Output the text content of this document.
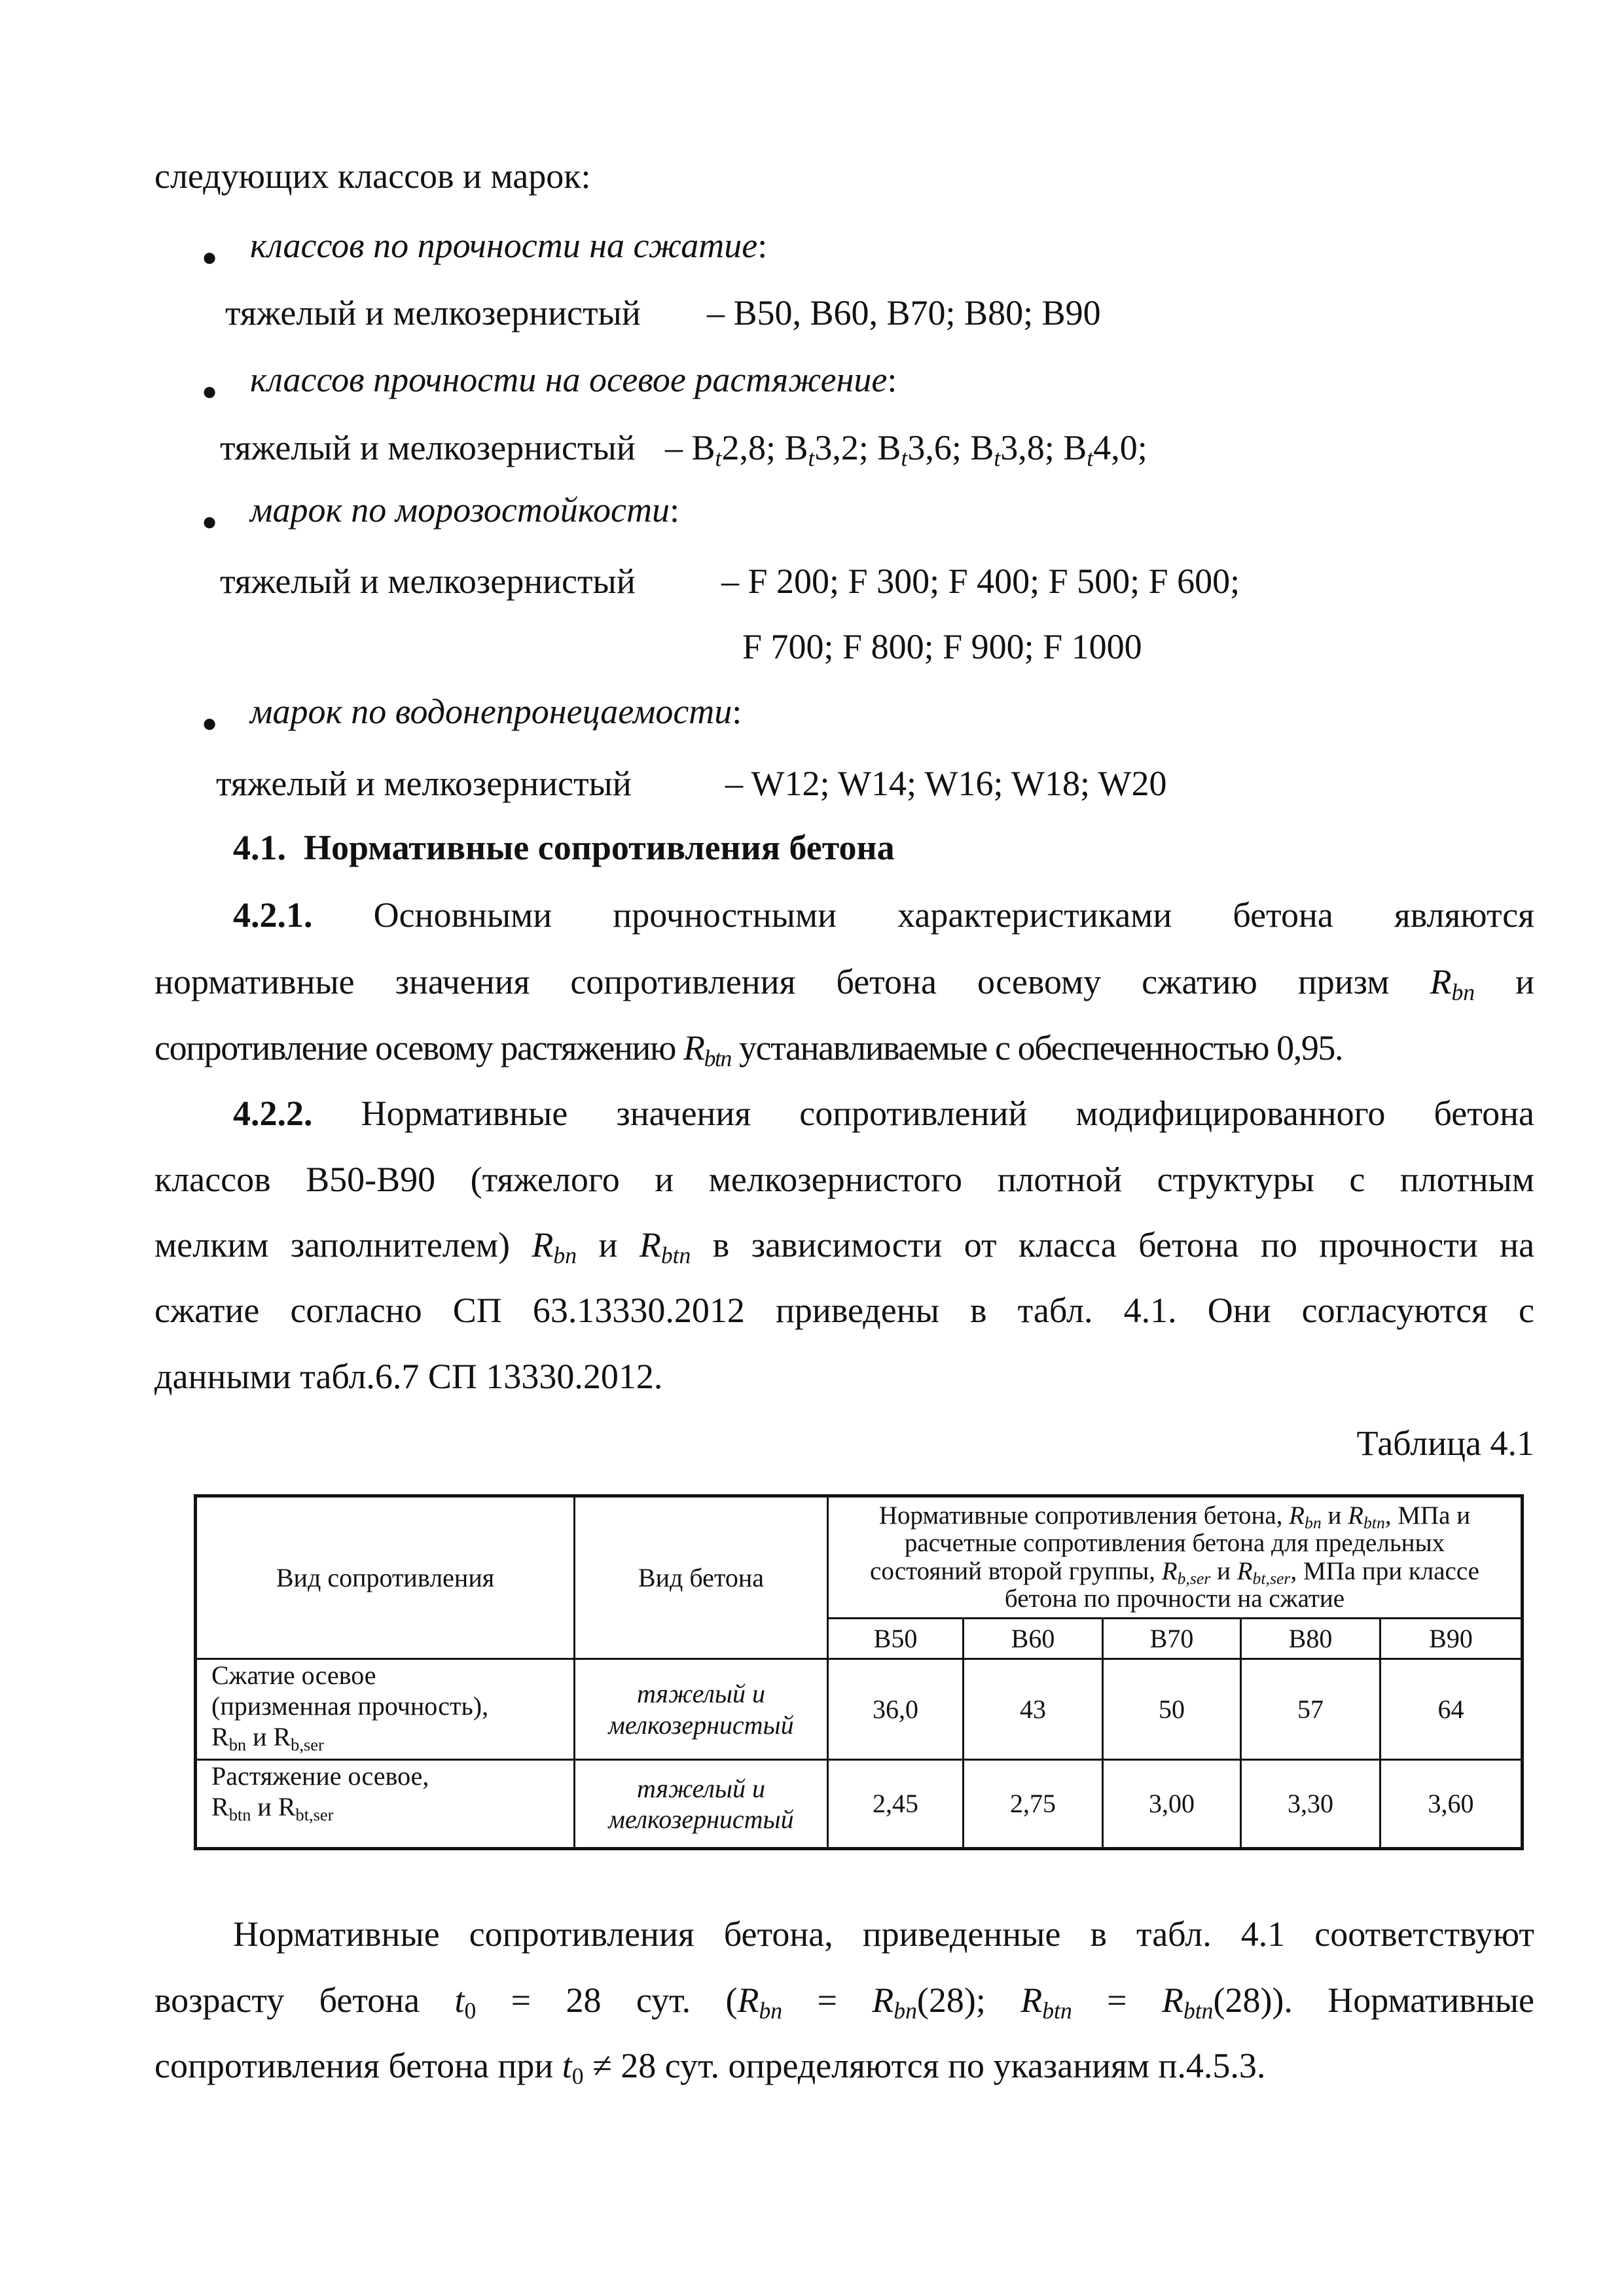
следующих классов и марок:
● классов по прочности на сжатие:
тяжелый и мелкозернистый – B50, B60, B70; B80; B90
● классов прочности на осевое растяжение:
тяжелый и мелкозернистый – $B_t2,8$; $B_t3,2$; $B_t3,6$; $B_t3,8$; $B_t4,0$;
● марок по морозостойкости:
тяжелый и мелкозернистый – F 200; F 300; F 400; F 500; F 600;
F 700; F 800; F 900; F 1000
● марок по водонепронецаемости:
тяжелый и мелкозернистый	– W12; W14; W16; W18; W20
4.1. Нормативные сопротивления бетона
4.2.1. Основными прочностными характеристиками бетона являются
нормативные значения сопротивления бетона осевому сжатию призм $R_{bn}$ и
сопротивление осевому растяжению $R_{btn}$ устанавливаемые с обеспеченностью 0,95.
4.2.2. Нормативные значения сопротивлений модифицированного бетона
классов В50-В90 (тяжелого и мелкозернистого плотной структуры с плотным
мелким заполнителем) $R_{bn}$ и $R_{btn}$ в зависимости от класса бетона по прочности на
сжатие согласно СП 63.13330.2012 приведены в табл. 4.1. Они согласуются с
данными табл.6.7 СП 13330.2012.
Таблица 4.1
Вид сопротивления	Вид бетона
Нормативные сопротивления бетона, $R_{bn}$ и $R_{btn}$, МПа и
расчетные сопротивления бетона для предельных
состояний второй группы, $R_{b,ser}$ и $R_{bt,ser}$, МПа при классе
бетона по прочности на сжатие
В50	В60	В70	В80	В90
Сжатие осевое
(призменная прочность),
$R_{bn}$ и $R_{b,ser}$
тяжелый и
мелкозернистый
36,0	43	50	57	64
Растяжение осевое,
$R_{btn}$ и $R_{bt,ser}$
тяжелый и
мелкозернистый
2,45	2,75	3,00	3,30	3,60
Нормативные сопротивления бетона, приведенные в табл. 4.1 соответствуют
возрасту бетона $t_0 = 28$ сут. ($R_{bn} = R_{bn}(28)$; $R_{btn} = R_{btn}(28)$). Нормативные
сопротивления бетона при $t_0 \ne 28$ сут. определяются по указаниям п.4.5.3.
